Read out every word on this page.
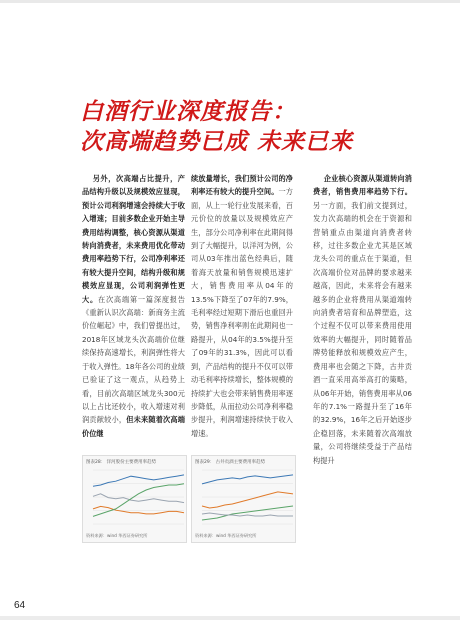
白酒行业深度报告：
次高端趋势已成 未来已来

另外，次高端占比提升，产品结构升级以及规模效应显现，预计公司利润增速会持续大于收入增速；目前多数企业开始主导费用结构调整，核心资源从渠道转向消费者，未来费用优化带动费用率趋势下行，公司净利率还有较大提升空间，结构升级和规模效应显现，公司利润弹性更大。在次高端第一篇深度报告《重新认识次高端：新商务主流价位崛起》中，我们曾提出过，2018年区域龙头次高端价位继续保持高速增长，利润弹性将大于收入弹性。18年各公司的业绩已验证了这一观点，从趋势上看，目前次高端区域龙头300元以上占比还较小，收入增速对利润贡献较小，但未来随着次高端价位继

续放量增长，我们预计公司的净利率还有较大的提升空间。一方面，从上一轮行业发展来看，百元价位的放量以及规模效应产生，部分公司净利率在此期间得到了大幅提升，以洋河为例，公司从03年推出蓝色经典后，随着海天放量和销售规模迅速扩大，销售费用率从04年的13.5%下降至了07年的7.9%，毛利率经过短期下滑后也重回升势，销售净利率则在此期间也一路提升，从04年的3.5%提升至了09年的31.3%，因此可以看到，产品结构的提升不仅可以带动毛利率持续增长，整体规模的持续扩大也会带来销售费用率逐步降低，从而拉动公司净利率稳步提升，利润增速持续快于收入增速。

企业核心资源从渠道转向消费者，销售费用率趋势下行。另一方面，我们前文提到过，发力次高端的机会在于资源和营销重点由渠道向消费者转移，过往多数企业尤其是区域龙头公司的重点在于渠道，但次高端价位对品牌的要求越来越高，因此，未来将会有越来越多的企业将费用从渠道端转向消费者培育和品牌塑造，这个过程不仅可以带来费用使用效率的大幅提升，同时随着品牌势能释放和规模效应产生，费用率也会随之下降，古井贡酒一直采用高举高打的策略，从06年开始，销售费用率从06年的7.1%一路提升至了16年的32.9%，16年之后开始逐步企稳回落，未来随着次高端放量，公司将继续受益于产品结构提升

图表28： 洋河股份主要费用率趋势
资料来源：wind 华西证券研究所
图表29： 古井贡酒主要费用率趋势
资料来源：wind 华西证券研究所
64
